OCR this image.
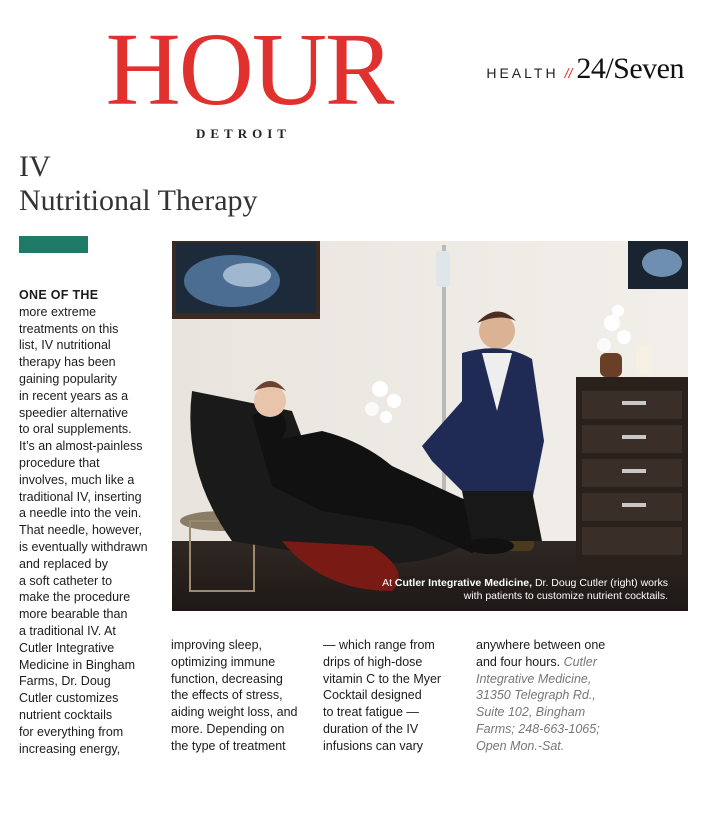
HOUR
DETROIT
HEALTH // 24/Seven
IV
Nutritional Therapy
At Cutler Integrative Medicine, Dr. Doug Cutler (right) works
with patients to customize nutrient cocktails.
ONE OF THE
more extreme
treatments on this
list, IV nutritional
therapy has been
gaining popularity
in recent years as a
speedier alternative
to oral supplements.
It’s an almost-painless
procedure that
involves, much like a
traditional IV, inserting
a needle into the vein.
That needle, however,
is eventually withdrawn
and replaced by
a soft catheter to
make the procedure
more bearable than
a traditional IV. At
Cutler Integrative
Medicine in Bingham
Farms, Dr. Doug
Cutler customizes
nutrient cocktails
for everything from
increasing energy,
improving sleep,
optimizing immune
function, decreasing
the effects of stress,
aiding weight loss, and
more. Depending on
the type of treatment
— which range from
drips of high-dose
vitamin C to the Myer
Cocktail designed
to treat fatigue —
duration of the IV
infusions can vary
anywhere between one
and four hours. Cutler
Integrative Medicine,
31350 Telegraph Rd.,
Suite 102, Bingham
Farms; 248-663-1065;
Open Mon.-Sat.
